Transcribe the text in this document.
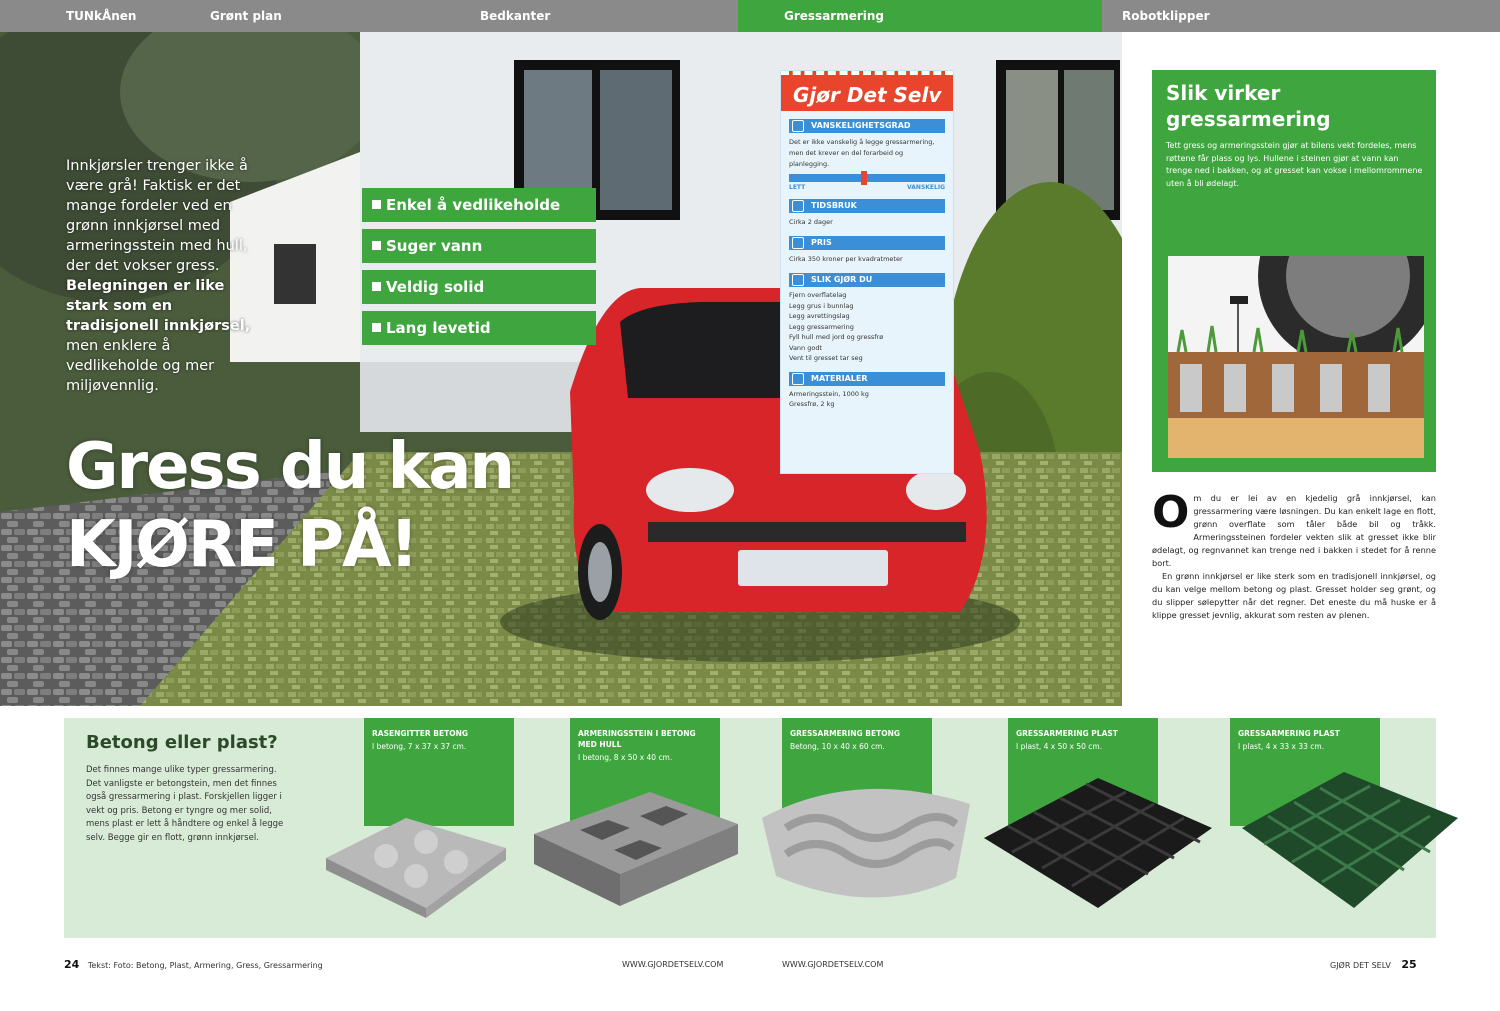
TUNkÅnen	Grønt plan	Bedkanter	Gressarmering	Robotklipper
Innkjørsler trenger ikke å være grå! Faktisk er det mange fordeler ved en grønn innkjørsel med armeringsstein med hull, der det vokser gress. Belegningen er like stark som en tradisjonell innkjørsel, men enklere å vedlikeholde og mer miljøvennlig.
Gress du kan
KJØRE PÅ!
Enkel å vedlikeholde
Suger vann
Veldig solid
Lang levetid
Gjør Det Selv
VANSKELIGHETSGRAD
Det er ikke vanskelig å legge gressarmering, men det krever en del forarbeid og planlegging.
LETT	VANSKELIG
TIDSBRUK
Cirka 2 dager
PRIS
Cirka 350 kroner per kvadratmeter
SLIK GJØR DU
Fjern overflatelag
Legg grus i bunnlag
Legg avrettingslag
Legg gressarmering
Fyll hull med jord og gressfrø
Vann godt
Vent til gresset tar seg
MATERIALER
Armeringsstein, 1000 kg
Gressfrø, 2 kg
Slik virker gressarmering
Tett gress og armeringsstein gjør at bilens vekt fordeles, mens røttene får plass og lys. Hullene i steinen gjør at vann kan trenge ned i bakken, og at gresset kan vokse i mellomrommene uten å bli ødelagt.

Om du er lei av en kjedelig grå innkjørsel, kan gressarmering være løsningen. Du kan enkelt lage en flott, grønn overflate som tåler både bil og tråkk. Armeringssteinen fordeler vekten slik at gresset ikke blir ødelagt, og regnvannet kan trenge ned i bakken i stedet for å renne bort.

En grønn innkjørsel er like sterk som en tradisjonell innkjørsel, og du kan velge mellom betong og plast. Gresset holder seg grønt, og du slipper sølepytter når det regner. Det eneste du må huske er å klippe gresset jevnlig, akkurat som resten av plenen.

Betong eller plast?
Det finnes mange ulike typer gressarmering. Det vanligste er betongstein, men det finnes også gressarmering i plast. Forskjellen ligger i vekt og pris. Betong er tyngre og mer solid, mens plast er lett å håndtere og enkel å legge selv. Begge gir en flott, grønn innkjørsel.
RASENGITTER BETONG
I betong, 7 x 37 x 37 cm.
ARMERINGSSTEIN I BETONG MED HULL
I betong, 8 x 50 x 40 cm.
GRESSARMERING BETONG
Betong, 10 x 40 x 60 cm.
GRESSARMERING PLAST
I plast, 4 x 50 x 50 cm.
GRESSARMERING PLAST
I plast, 4 x 33 x 33 cm.
24 Tekst: Foto: Betong, Plast, Armering, Gress, Gressarmering	WWW.GJORDETSELV.COM	WWW.GJORDETSELV.COM	GJØR DET SELV 25
